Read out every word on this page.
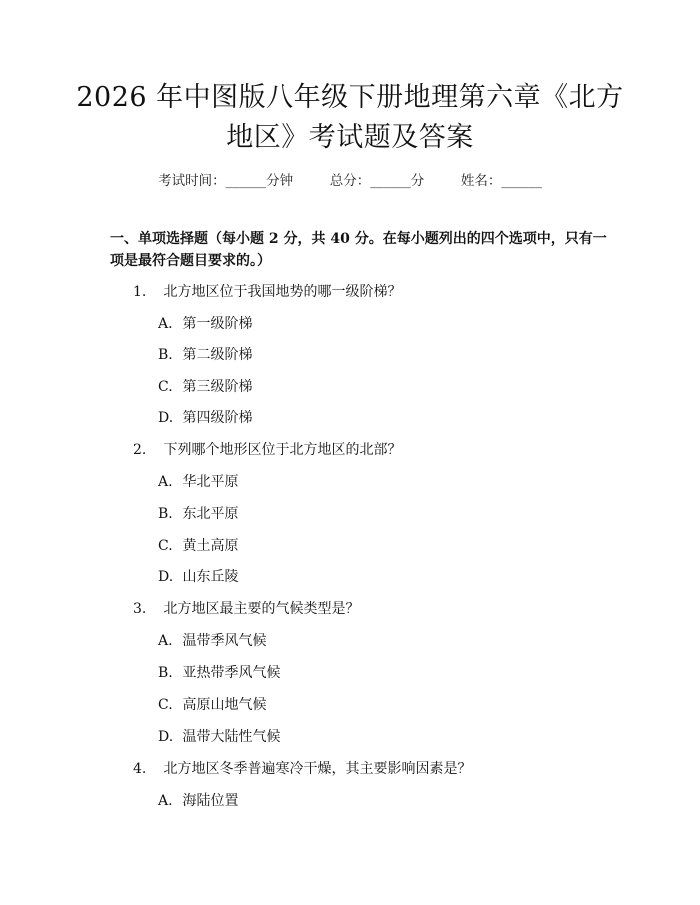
2026 年中图版八年级下册地理第六章《北方
地区》考试题及答案
考试时间：______分钟	总分：______分	姓名：______
一、单项选择题（每小题 2 分，共 40 分。在每小题列出的四个选项中，只有一项是最符合题目要求的。）
1. 北方地区位于我国地势的哪一级阶梯？
A. 第一级阶梯
B. 第二级阶梯
C. 第三级阶梯
D. 第四级阶梯
2. 下列哪个地形区位于北方地区的北部？
A. 华北平原
B. 东北平原
C. 黄土高原
D. 山东丘陵
3. 北方地区最主要的气候类型是？
A. 温带季风气候
B. 亚热带季风气候
C. 高原山地气候
D. 温带大陆性气候
4. 北方地区冬季普遍寒冷干燥，其主要影响因素是？
A. 海陆位置
